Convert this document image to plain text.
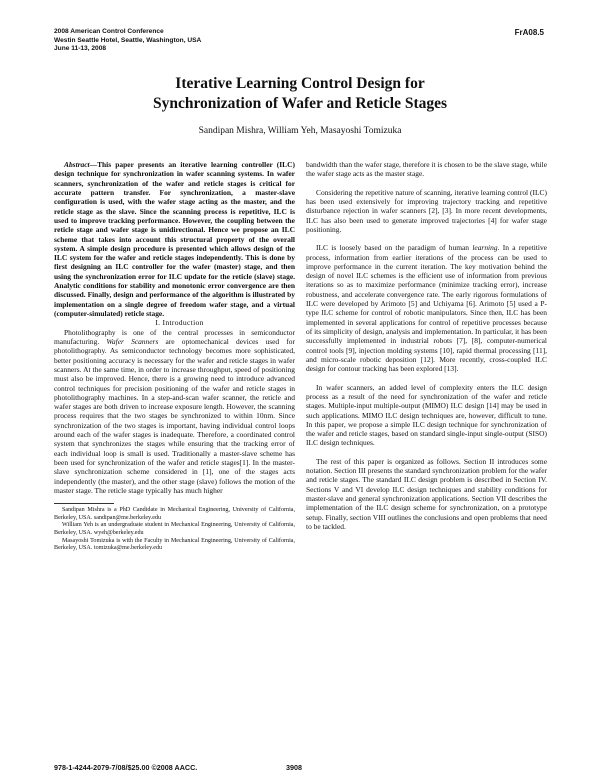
2008 American Control Conference
Westin Seattle Hotel, Seattle, Washington, USA
June 11-13, 2008
FrA08.5
Iterative Learning Control Design for
Synchronization of Wafer and Reticle Stages
Sandipan Mishra, William Yeh, Masayoshi Tomizuka

Abstract—This paper presents an iterative learning controller (ILC) design technique for synchronization in wafer scanning systems. In wafer scanners, synchronization of the wafer and reticle stages is critical for accurate pattern transfer. For synchronization, a master-slave configuration is used, with the wafer stage acting as the master, and the reticle stage as the slave. Since the scanning process is repetitive, ILC is used to improve tracking performance. However, the coupling between the reticle stage and wafer stage is unidirectional. Hence we propose an ILC scheme that takes into account this structural property of the overall system. A simple design procedure is presented which allows design of the ILC system for the wafer and reticle stages independently. This is done by first designing an ILC controller for the wafer (master) stage, and then using the synchronization error for ILC update for the reticle (slave) stage. Analytic conditions for stability and monotonic error convergence are then discussed. Finally, design and performance of the algorithm is illustrated by implementation on a single degree of freedom wafer stage, and a virtual (computer-simulated) reticle stage.

I. Introduction

Photolithography is one of the central processes in semiconductor manufacturing. Wafer Scanners are optomechanical devices used for photolithography. As semiconductor technology becomes more sophisticated, better positioning accuracy is necessary for the wafer and reticle stages in wafer scanners. At the same time, in order to increase throughput, speed of positioning must also be improved. Hence, there is a growing need to introduce advanced control techniques for precision positioning of the wafer and reticle stages in photolithography machines. In a step-and-scan wafer scanner, the reticle and wafer stages are both driven to increase exposure length. However, the scanning process requires that the two stages be synchronized to within 10nm. Since synchronization of the two stages is important, having individual control loops around each of the wafer stages is inadequate. Therefore, a coordinated control system that synchronizes the stages while ensuring that the tracking error of each individual loop is small is used. Traditionally a master-slave scheme has been used for synchronization of the wafer and reticle stages[1]. In the master-slave synchronization scheme considered in [1], one of the stages acts independently (the master), and the other stage (slave) follows the motion of the master stage. The reticle stage typically has much higher

Sandipan Mishra is a PhD Candidate in Mechanical Engineering, University of California, Berkeley, USA. sandipan@me.berkeley.edu

William Yeh is an undergraduate student in Mechanical Engineering, University of California, Berkeley, USA. wyeh@berkeley.edu

Masayoshi Tomizuka is with the Faculty in Mechanical Engineering, University of California, Berkeley, USA. tomizuka@me.berkeley.edu

bandwidth than the wafer stage, therefore it is chosen to be the slave stage, while the wafer stage acts as the master stage.

Considering the repetitive nature of scanning, iterative learning control (ILC) has been used extensively for improving trajectory tracking and repetitive disturbance rejection in wafer scanners [2], [3]. In more recent developments, ILC has also been used to generate improved trajectories [4] for wafer stage positioning.

ILC is loosely based on the paradigm of human learning. In a repetitive process, information from earlier iterations of the process can be used to improve performance in the current iteration. The key motivation behind the design of novel ILC schemes is the efficient use of information from previous iterations so as to maximize performance (minimize tracking error), increase robustness, and accelerate convergence rate. The early rigorous formulations of ILC were developed by Arimoto [5] and Uchiyama [6]. Arimoto [5] used a P-type ILC scheme for control of robotic manipulators. Since then, ILC has been implemented in several applications for control of repetitive processes because of its simplicity of design, analysis and implementation. In particular, it has been successfully implemented in industrial robots [7], [8], computer-numerical control tools [9], injection molding systems [10], rapid thermal processing [11], and micro-scale robotic deposition [12]. More recently, cross-coupled ILC design for contour tracking has been explored [13].

In wafer scanners, an added level of complexity enters the ILC design process as a result of the need for synchronization of the wafer and reticle stages. Multiple-input multiple-output (MIMO) ILC design [14] may be used in such applications. MIMO ILC design techniques are, however, difficult to tune. In this paper, we propose a simple ILC design technique for synchronization of the wafer and reticle stages, based on standard single-input single-output (SISO) ILC design techniques.

The rest of this paper is organized as follows. Section II introduces some notation. Section III presents the standard synchronization problem for the wafer and reticle stages. The standard ILC design problem is described in Section IV. Sections V and VI develop ILC design techniques and stability conditions for master-slave and general synchronization applications. Section VII describes the implementation of the ILC design scheme for synchronization, on a prototype setup. Finally, section VIII outlines the conclusions and open problems that need to be tackled.

978-1-4244-2079-7/08/$25.00 ©2008 AACC.	3908
